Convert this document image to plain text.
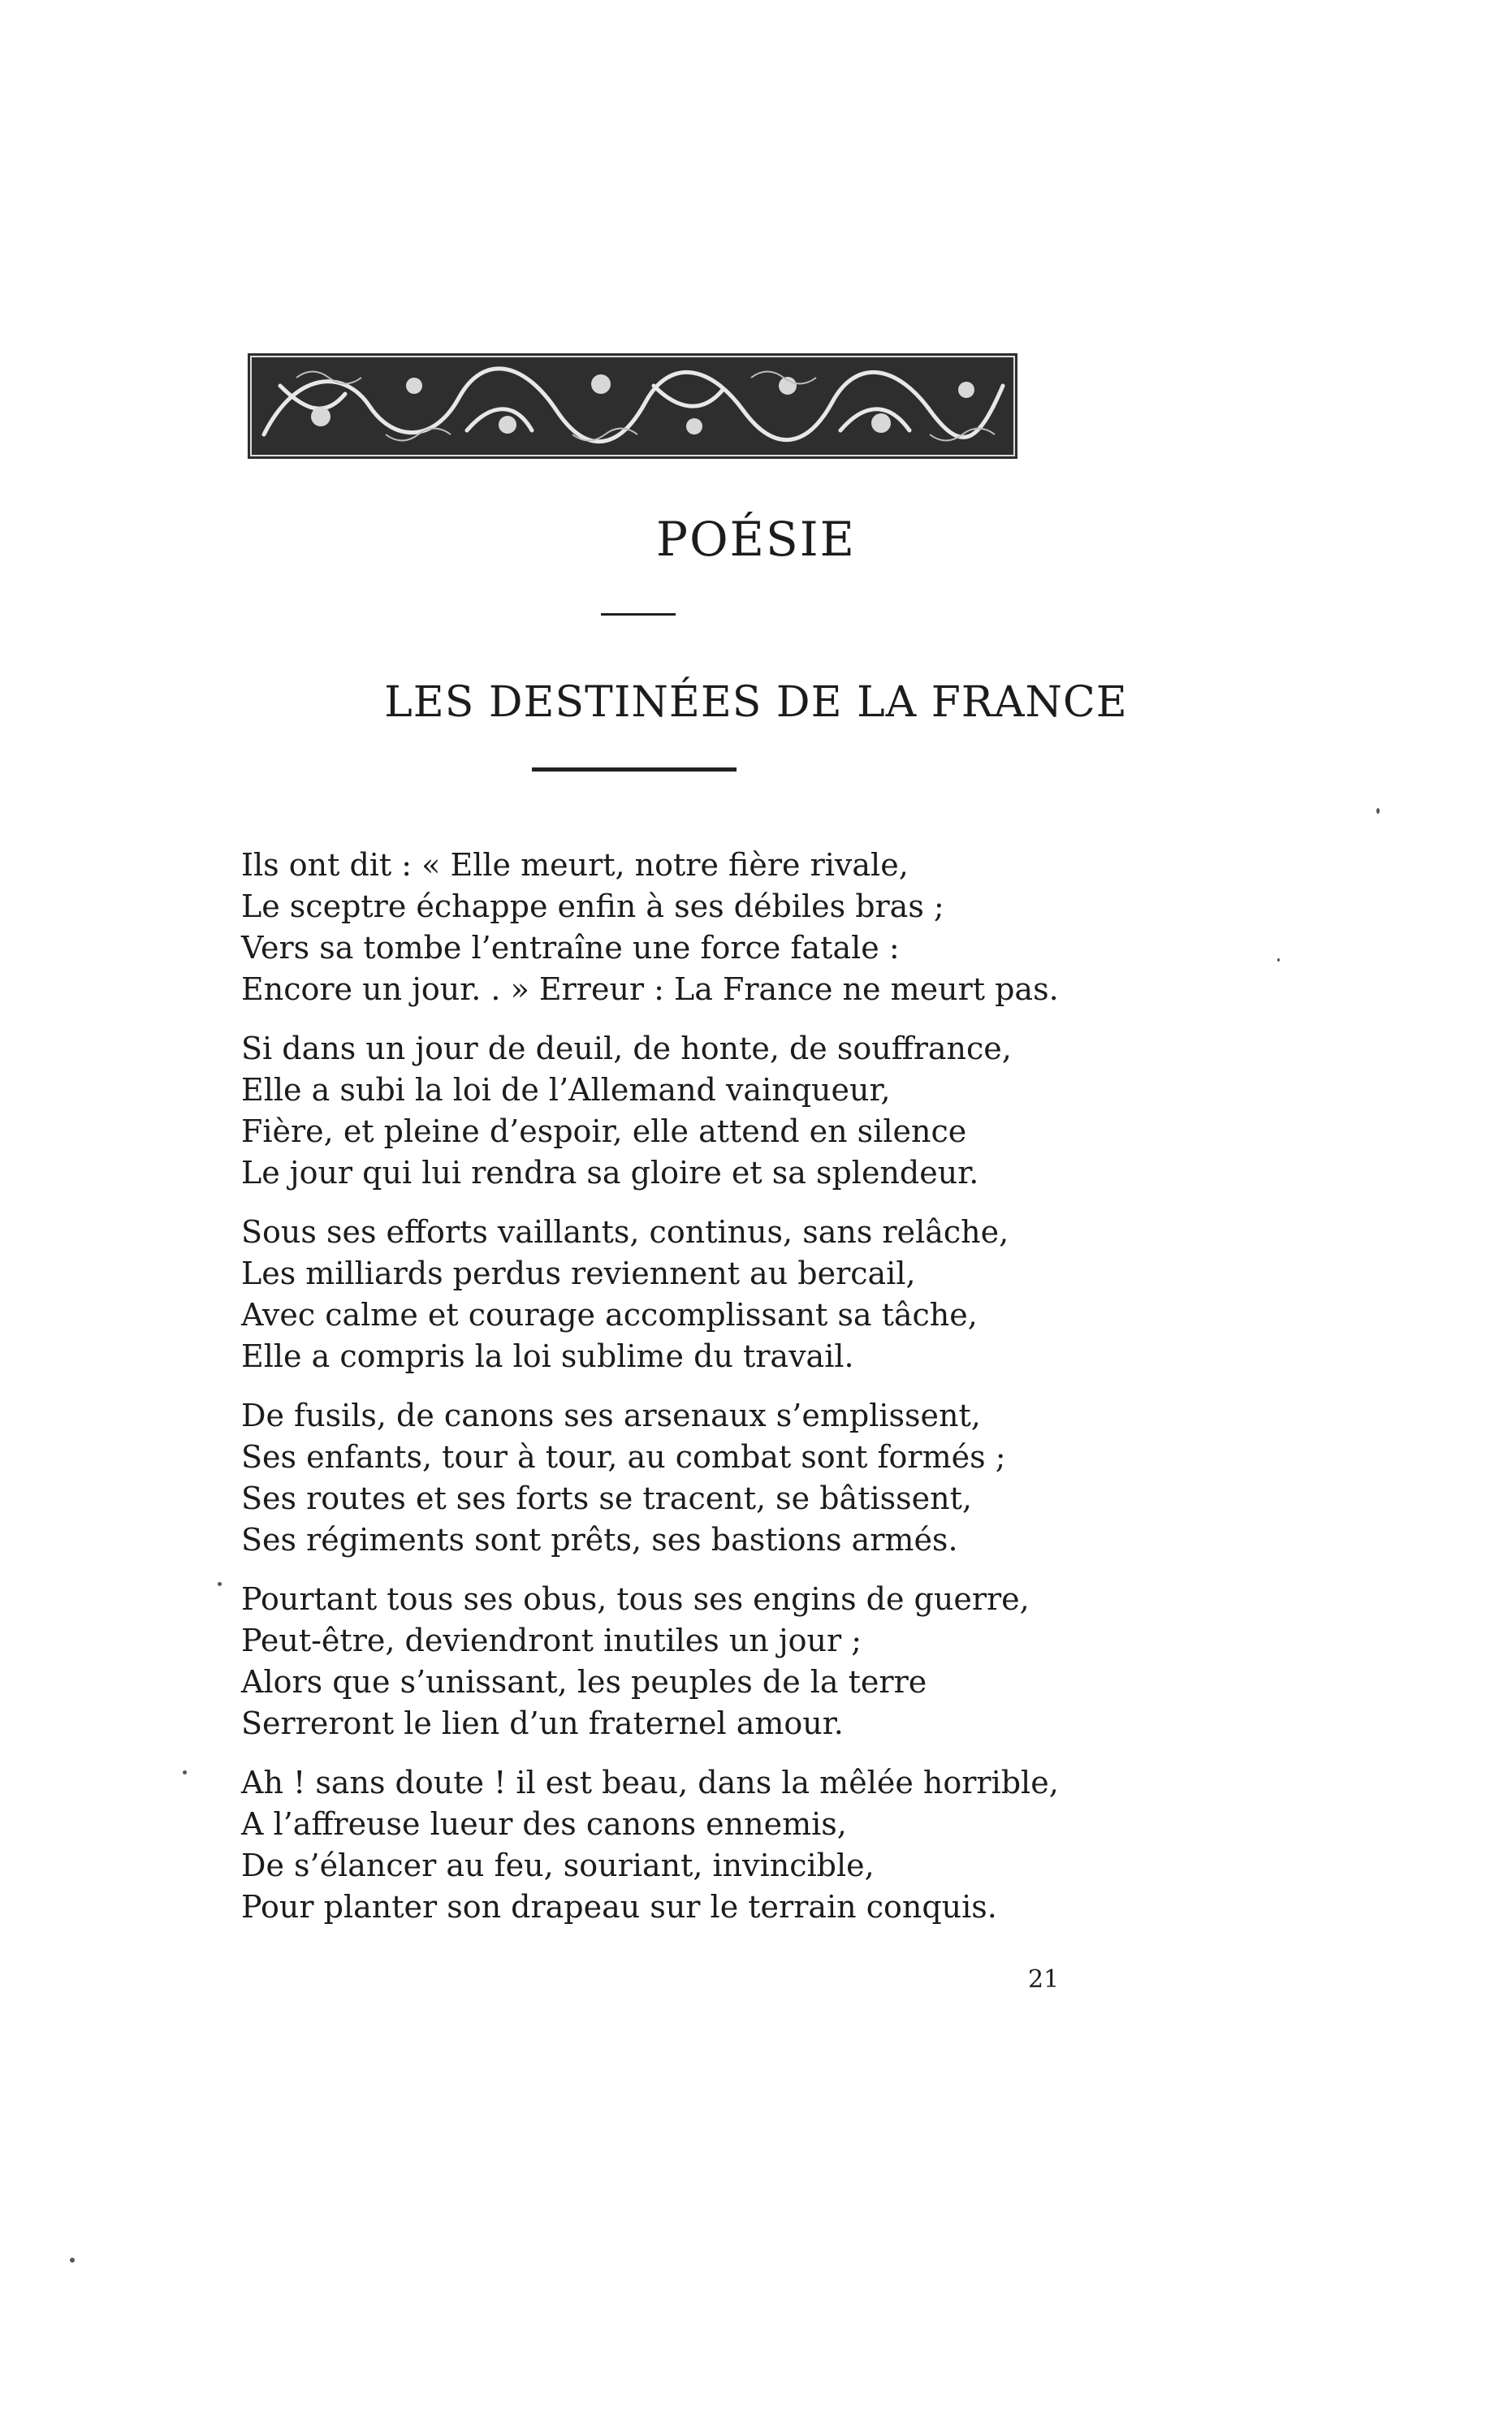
POÉSIE
LES DESTINÉES DE LA FRANCE
Ils ont dit : « Elle meurt, notre fière rivale,
Le sceptre échappe enfin à ses débiles bras ;
Vers sa tombe l’entraîne une force fatale :
Encore un jour. . » Erreur : La France ne meurt pas.
Si dans un jour de deuil, de honte, de souffrance,
Elle a subi la loi de l’Allemand vainqueur,
Fière, et pleine d’espoir, elle attend en silence
Le jour qui lui rendra sa gloire et sa splendeur.
Sous ses efforts vaillants, continus, sans relâche,
Les milliards perdus reviennent au bercail,
Avec calme et courage accomplissant sa tâche,
Elle a compris la loi sublime du travail.
De fusils, de canons ses arsenaux s’emplissent,
Ses enfants, tour à tour, au combat sont formés ;
Ses routes et ses forts se tracent, se bâtissent,
Ses régiments sont prêts, ses bastions armés.
Pourtant tous ses obus, tous ses engins de guerre,
Peut-être, deviendront inutiles un jour ;
Alors que s’unissant, les peuples de la terre
Serreront le lien d’un fraternel amour.
Ah ! sans doute ! il est beau, dans la mêlée horrible,
A l’affreuse lueur des canons ennemis,
De s’élancer au feu, souriant, invincible,
Pour planter son drapeau sur le terrain conquis.
21
